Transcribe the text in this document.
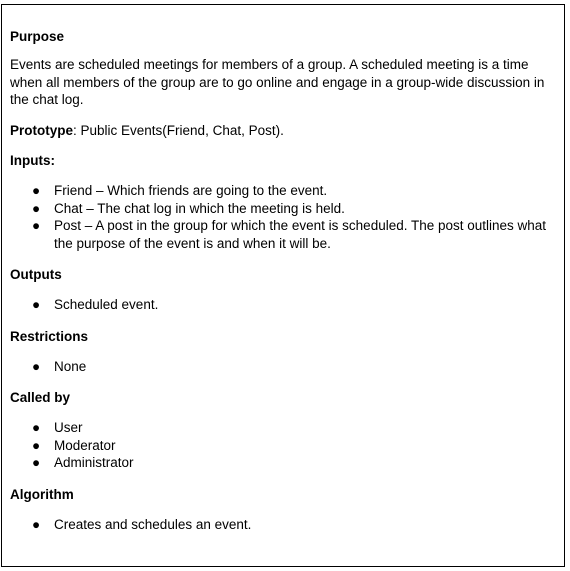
Purpose

Events are scheduled meetings for members of a group. A scheduled meeting is a time when all members of the group are to go online and engage in a group-wide discussion in the chat log.

Prototype: Public Events(Friend, Chat, Post).

Inputs:

● Friend – Which friends are going to the event.
● Chat – The chat log in which the meeting is held.
● Post – A post in the group for which the event is scheduled. The post outlines what the purpose of the event is and when it will be.

Outputs

● Scheduled event.

Restrictions

● None

Called by

● User
● Moderator
● Administrator

Algorithm

● Creates and schedules an event.
